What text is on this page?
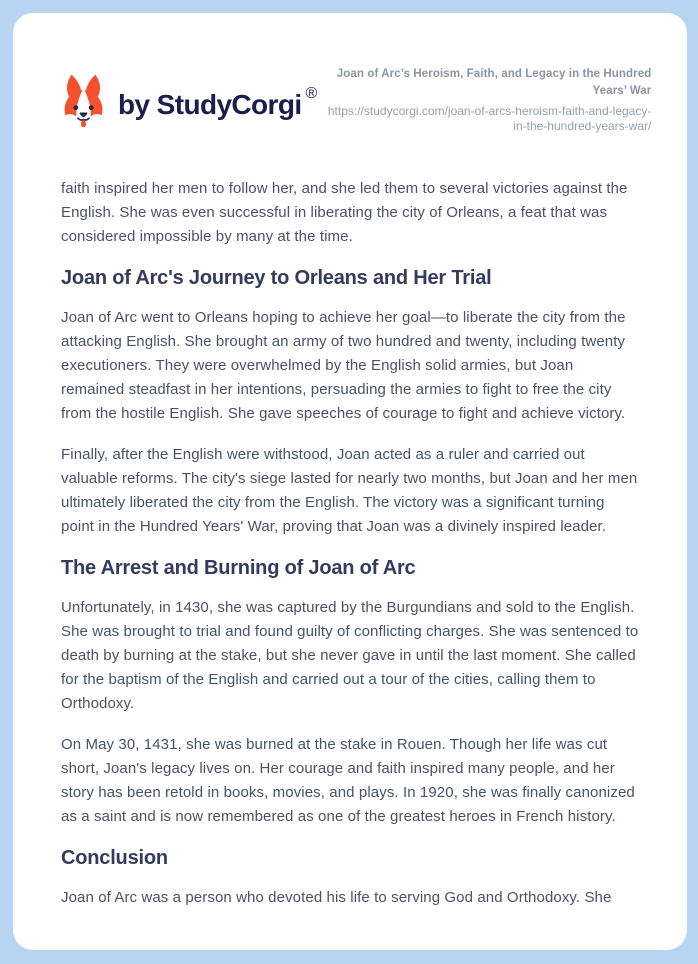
by StudyCorgi ®
Joan of Arc’s Heroism, Faith, and Legacy in the Hundred Years’ War
https://studycorgi.com/joan-of-arcs-heroism-faith-and-legacy-in-the-hundred-years-war/

faith inspired her men to follow her, and she led them to several victories against the English. She was even successful in liberating the city of Orleans, a feat that was considered impossible by many at the time.

Joan of Arc's Journey to Orleans and Her Trial

Joan of Arc went to Orleans hoping to achieve her goal—to liberate the city from the attacking English. She brought an army of two hundred and twenty, including twenty executioners. They were overwhelmed by the English solid armies, but Joan remained steadfast in her intentions, persuading the armies to fight to free the city from the hostile English. She gave speeches of courage to fight and achieve victory.

Finally, after the English were withstood, Joan acted as a ruler and carried out valuable reforms. The city's siege lasted for nearly two months, but Joan and her men ultimately liberated the city from the English. The victory was a significant turning point in the Hundred Years' War, proving that Joan was a divinely inspired leader.

The Arrest and Burning of Joan of Arc

Unfortunately, in 1430, she was captured by the Burgundians and sold to the English. She was brought to trial and found guilty of conflicting charges. She was sentenced to death by burning at the stake, but she never gave in until the last moment. She called for the baptism of the English and carried out a tour of the cities, calling them to Orthodoxy.

On May 30, 1431, she was burned at the stake in Rouen. Though her life was cut short, Joan's legacy lives on. Her courage and faith inspired many people, and her story has been retold in books, movies, and plays. In 1920, she was finally canonized as a saint and is now remembered as one of the greatest heroes in French history.

Conclusion

Joan of Arc was a person who devoted his life to serving God and Orthodoxy. She
